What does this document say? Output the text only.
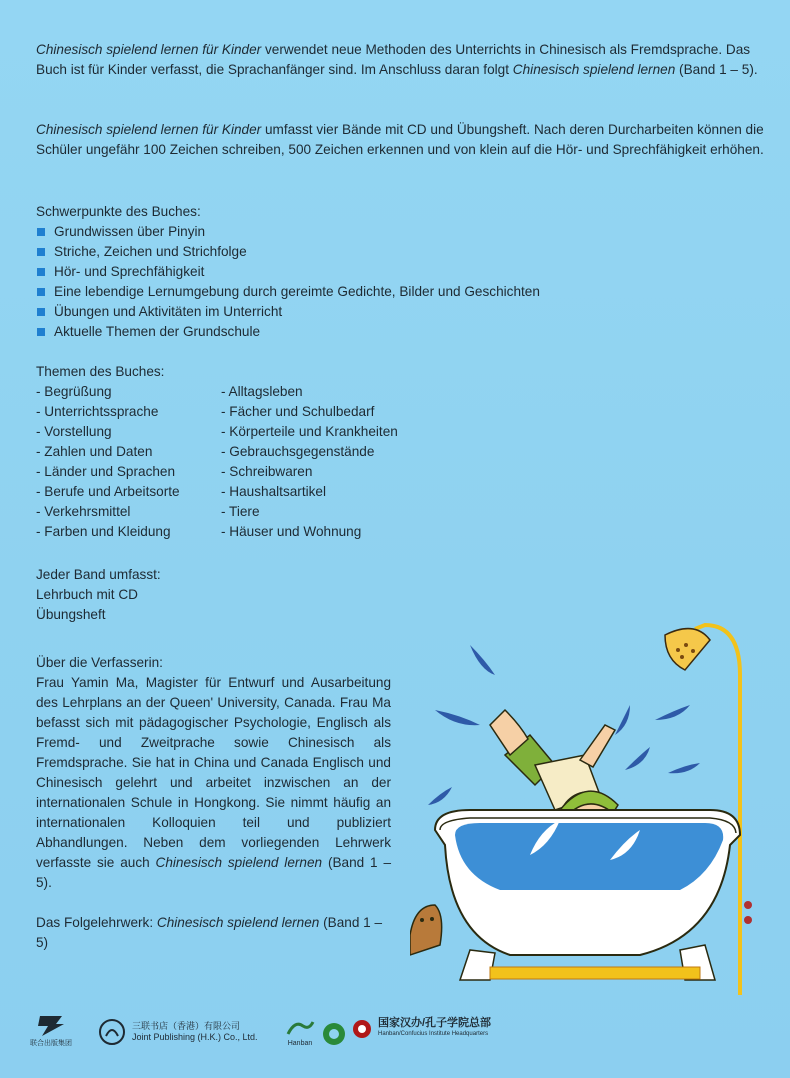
Chinesisch spielend lernen für Kinder verwendet neue Methoden des Unterrichts in Chinesisch als Fremdsprache. Das Buch ist für Kinder verfasst, die Sprachanfänger sind. Im Anschluss daran folgt Chinesisch spielend lernen (Band 1 – 5).

Chinesisch spielend lernen für Kinder umfasst vier Bände mit CD und Übungsheft. Nach deren Durcharbeiten können die Schüler ungefähr 100 Zeichen schreiben, 500 Zeichen erkennen und von klein auf die Hör- und Sprechfähigkeit erhöhen.

Schwerpunkte des Buches:

Grundwissen über Pinyin
Striche, Zeichen und Strichfolge
Hör- und Sprechfähigkeit
Eine lebendige Lernumgebung durch gereimte Gedichte, Bilder und Geschichten
Übungen und Aktivitäten im Unterricht
Aktuelle Themen der Grundschule

Themen des Buches:

- Begrüßung
- Unterrichtssprache
- Vorstellung
- Zahlen und Daten
- Länder und Sprachen
- Berufe und Arbeitsorte
- Verkehrsmittel
- Farben und Kleidung
- Alltagsleben
- Fächer und Schulbedarf
- Körperteile und Krankheiten
- Gebrauchsgegenstände
- Schreibwaren
- Haushaltsartikel
- Tiere
- Häuser und Wohnung

Jeder Band umfasst:

Lehrbuch mit CD

Übungsheft

Über die Verfasserin:

Frau Yamin Ma, Magister für Entwurf und Ausarbeitung des Lehrplans an der Queen' University, Canada. Frau Ma befasst sich mit pädagogischer Psychologie, Englisch als Fremd- und Zweitprache sowie Chinesisch als Fremdsprache. Sie hat in China und Canada Englisch und Chinesisch gelehrt und arbeitet inzwischen an der internationalen Schule in Hongkong. Sie nimmt häufig an internationalen Kolloquien teil und publiziert Abhandlungen. Neben dem vorliegenden Lehrwerk verfasste sie auch Chinesisch spielend lernen (Band 1 – 5).

Das Folgelehrwerk: Chinesisch spielend lernen (Band 1 – 5)

联合出版集团
三联书店（香港）有限公司
Joint Publishing (H.K.) Co., Ltd.
Hanban
国家汉办/孔子学院总部
Hanban/Confucius Institute Headquarters
